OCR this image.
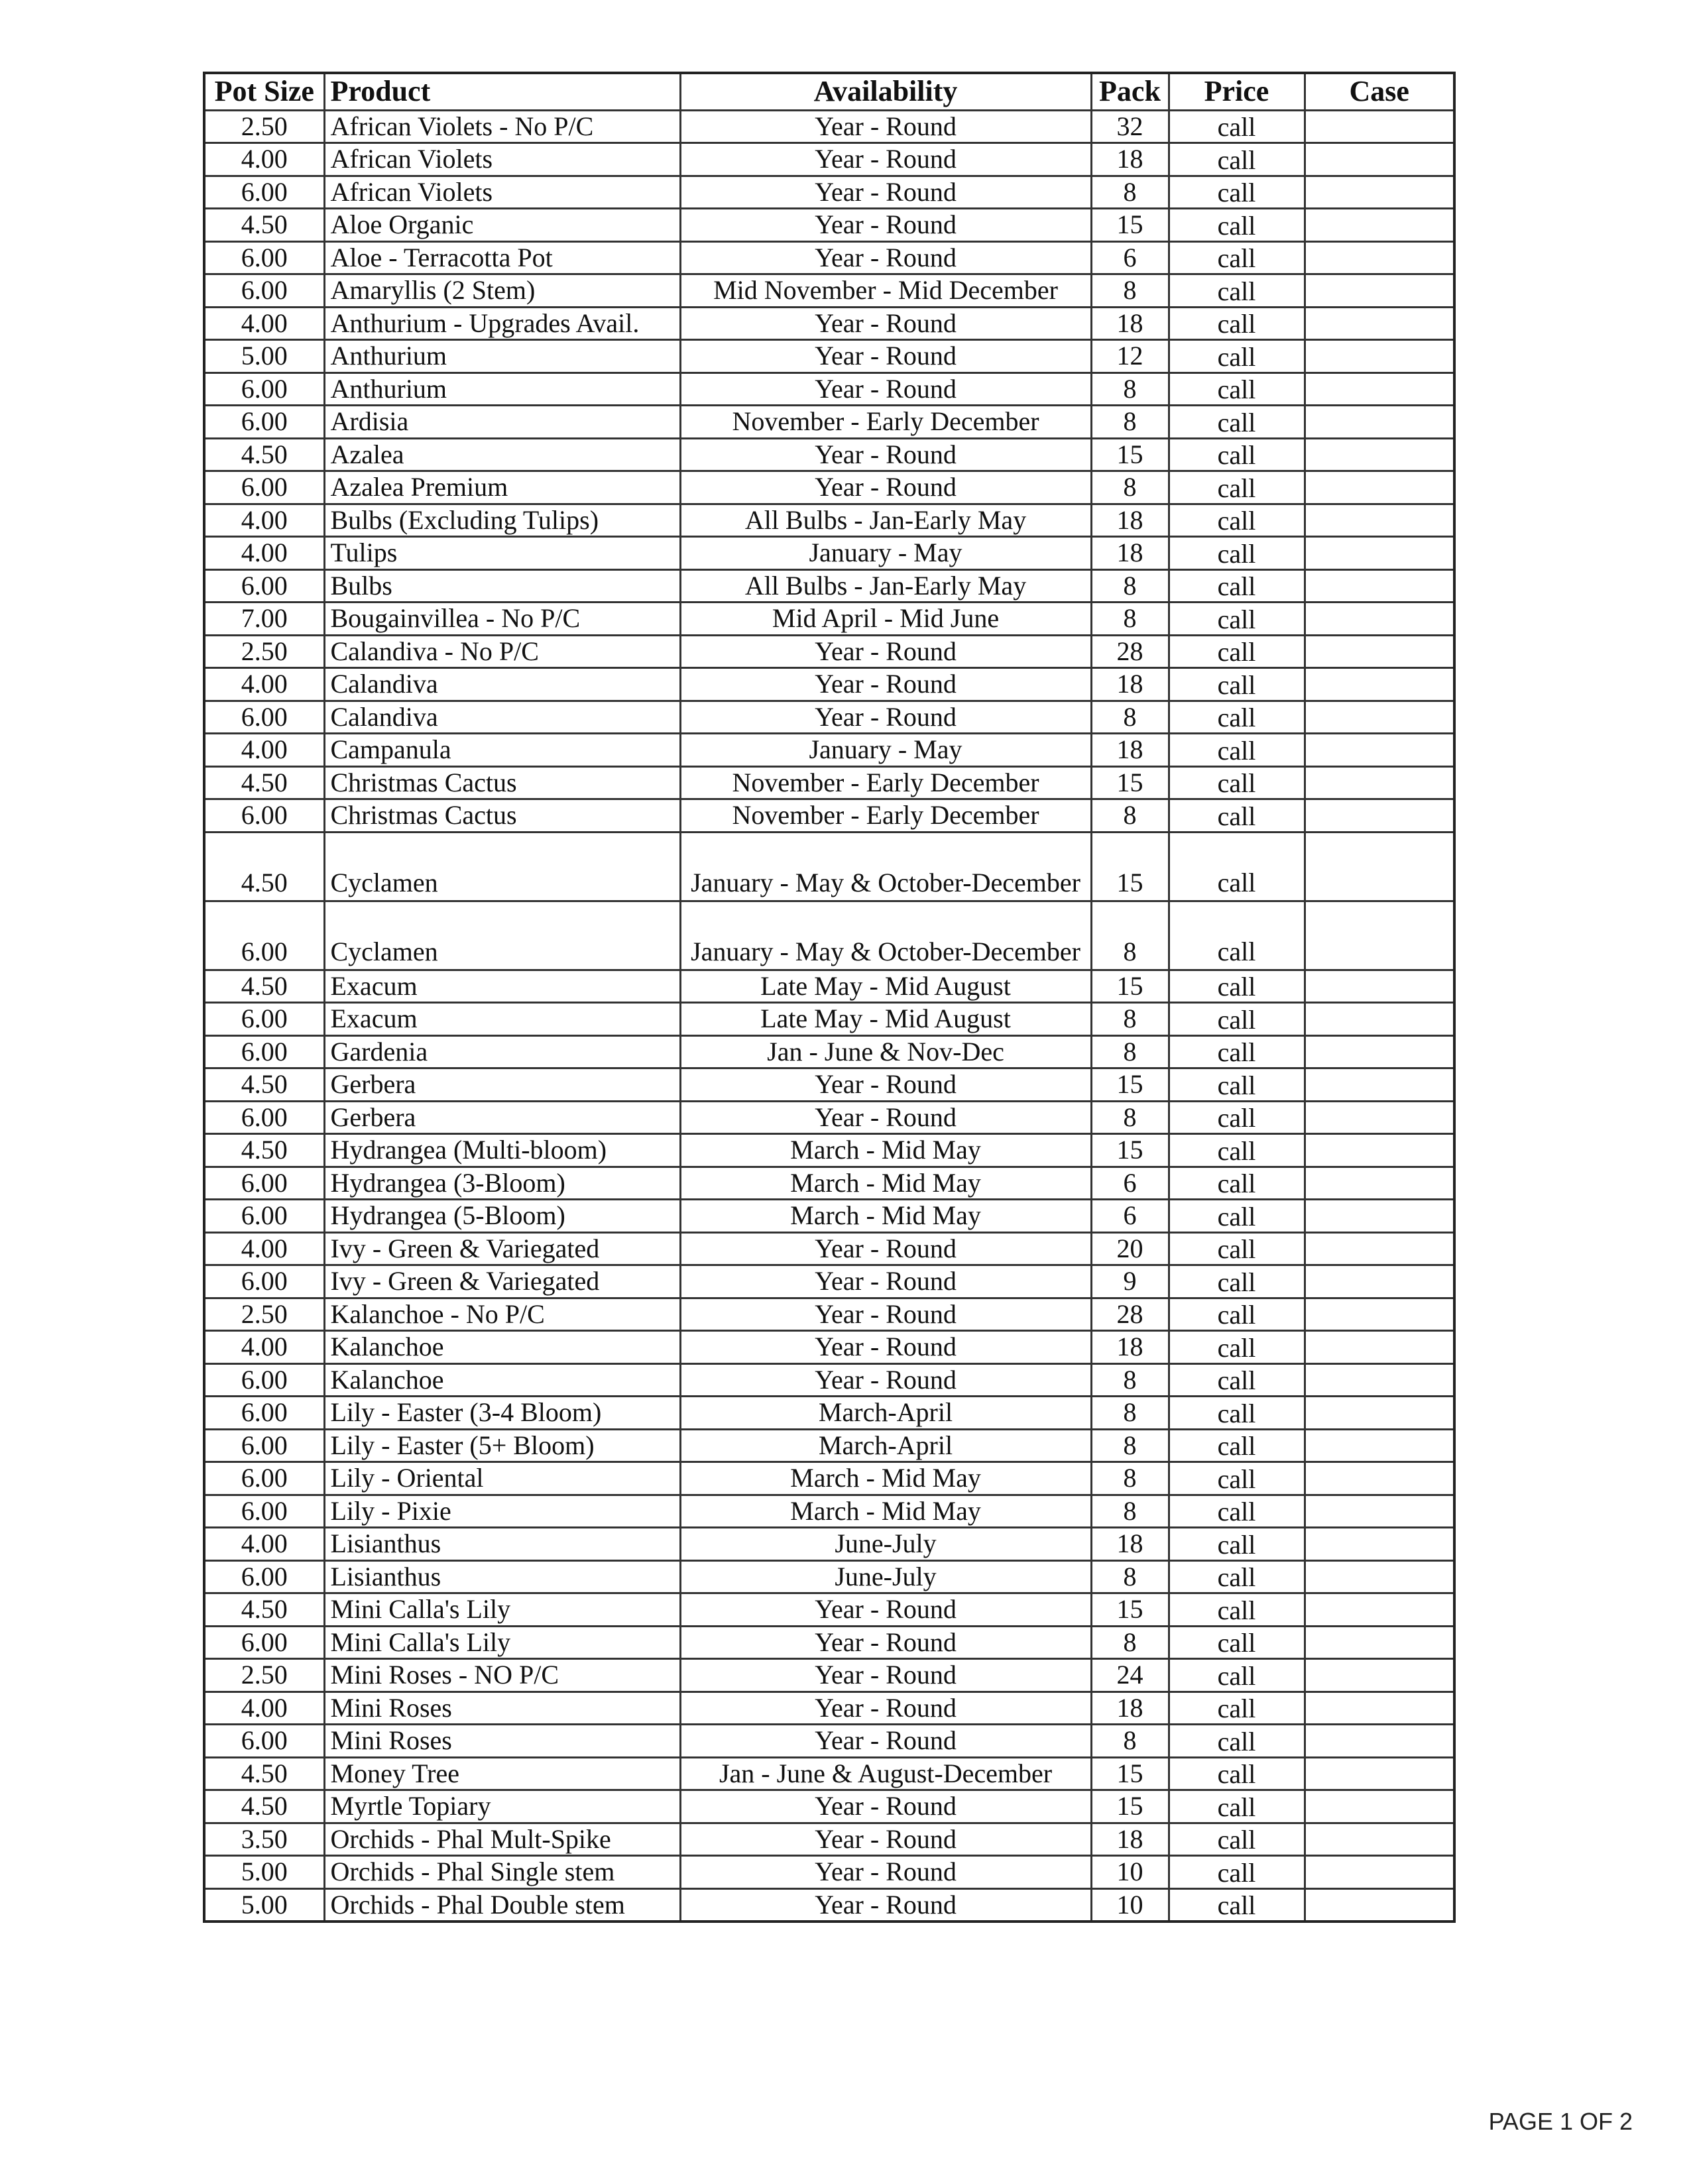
Pot Size	Product	Availability	Pack	Price	Case
2.50	African Violets - No P/C	Year - Round	32	call	
4.00	African Violets	Year - Round	18	call	
6.00	African Violets	Year - Round	8	call	
4.50	Aloe Organic	Year - Round	15	call	
6.00	Aloe - Terracotta Pot	Year - Round	6	call	
6.00	Amaryllis (2 Stem)	Mid November - Mid December	8	call	
4.00	Anthurium - Upgrades Avail.	Year - Round	18	call	
5.00	Anthurium	Year - Round	12	call	
6.00	Anthurium	Year - Round	8	call	
6.00	Ardisia	November - Early December	8	call	
4.50	Azalea	Year - Round	15	call	
6.00	Azalea Premium	Year - Round	8	call	
4.00	Bulbs (Excluding Tulips)	All Bulbs - Jan-Early May	18	call	
4.00	Tulips	January - May	18	call	
6.00	Bulbs	All Bulbs - Jan-Early May	8	call	
7.00	Bougainvillea - No P/C	Mid April - Mid June	8	call	
2.50	Calandiva - No P/C	Year - Round	28	call	
4.00	Calandiva	Year - Round	18	call	
6.00	Calandiva	Year - Round	8	call	
4.00	Campanula	January - May	18	call	
4.50	Christmas Cactus	November - Early December	15	call	
6.00	Christmas Cactus	November - Early December	8	call	
4.50	Cyclamen	January - May & October-December	15	call	
6.00	Cyclamen	January - May & October-December	8	call	
4.50	Exacum	Late May - Mid August	15	call	
6.00	Exacum	Late May - Mid August	8	call	
6.00	Gardenia	Jan - June & Nov-Dec	8	call	
4.50	Gerbera	Year - Round	15	call	
6.00	Gerbera	Year - Round	8	call	
4.50	Hydrangea (Multi-bloom)	March - Mid May	15	call	
6.00	Hydrangea (3-Bloom)	March - Mid May	6	call	
6.00	Hydrangea (5-Bloom)	March - Mid May	6	call	
4.00	Ivy - Green & Variegated	Year - Round	20	call	
6.00	Ivy - Green & Variegated	Year - Round	9	call	
2.50	Kalanchoe - No P/C	Year - Round	28	call	
4.00	Kalanchoe	Year - Round	18	call	
6.00	Kalanchoe	Year - Round	8	call	
6.00	Lily - Easter (3-4 Bloom)	March-April	8	call	
6.00	Lily - Easter (5+ Bloom)	March-April	8	call	
6.00	Lily - Oriental	March - Mid May	8	call	
6.00	Lily - Pixie	March - Mid May	8	call	
4.00	Lisianthus	June-July	18	call	
6.00	Lisianthus	June-July	8	call	
4.50	Mini Calla's Lily	Year - Round	15	call	
6.00	Mini Calla's Lily	Year - Round	8	call	
2.50	Mini Roses - NO P/C	Year - Round	24	call	
4.00	Mini Roses	Year - Round	18	call	
6.00	Mini Roses	Year - Round	8	call	
4.50	Money Tree	Jan - June & August-December	15	call	
4.50	Myrtle Topiary	Year - Round	15	call	
3.50	Orchids - Phal Mult-Spike	Year - Round	18	call	
5.00	Orchids - Phal Single stem	Year - Round	10	call	
5.00	Orchids - Phal Double stem	Year - Round	10	call	
PAGE 1 OF 2
